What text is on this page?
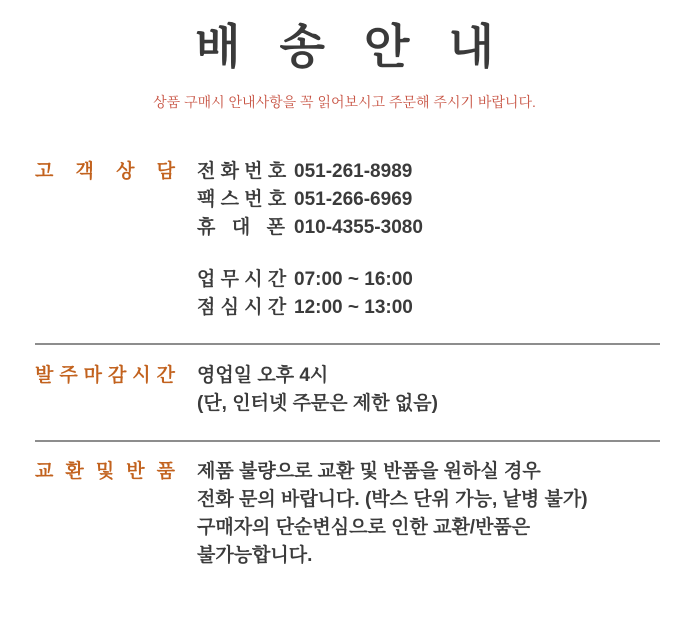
배 송 안 내
상품 구매시 안내사항을 꼭 읽어보시고 주문해 주시기 바랍니다.
고 객 상 담 전 화 번 호 051-261-8989
팩 스 번 호 051-266-6969
휴 대 폰 010-4355-3080
업 무 시 간 07:00 ~ 16:00
점 심 시 간 12:00 ~ 13:00
발 주 마 감 시 간 영업일 오후 4시
(단, 인터넷 주문은 제한 없음)
교 환 및 반 품 제품 불량으로 교환 및 반품을 원하실 경우
전화 문의 바랍니다. (박스 단위 가능, 낱병 불가)
구매자의 단순변심으로 인한 교환/반품은
불가능합니다.
